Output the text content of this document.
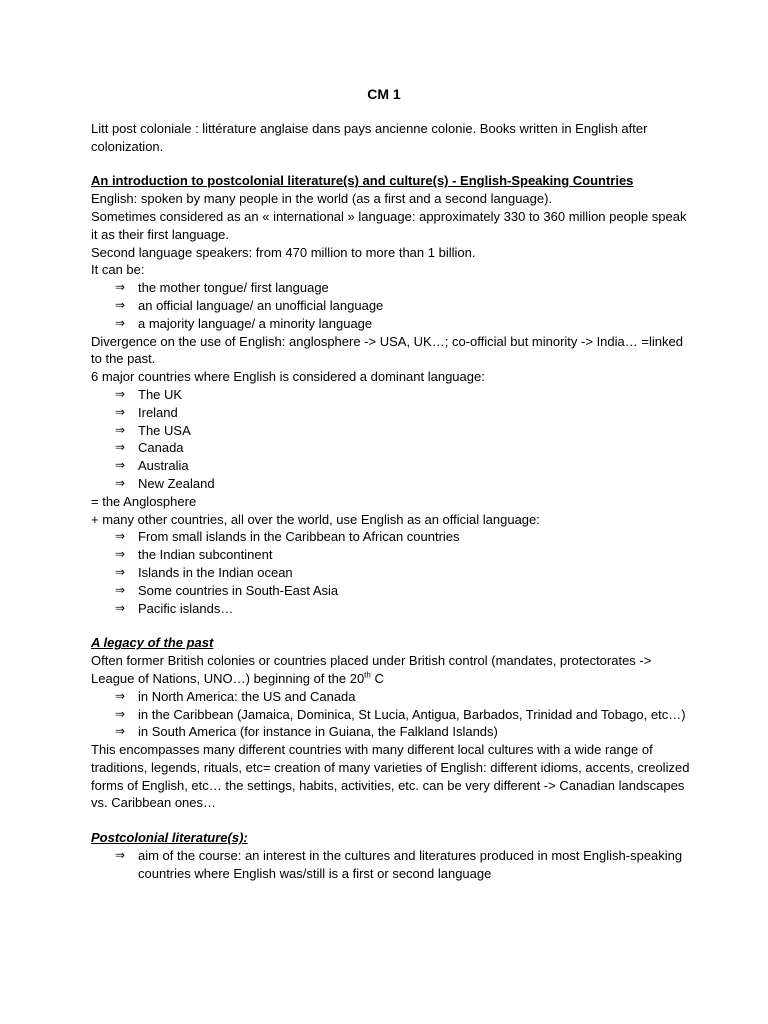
CM 1

Litt post coloniale : littérature anglaise dans pays ancienne colonie. Books written in English after colonization.

An introduction to postcolonial literature(s) and culture(s) - English-Speaking Countries

English: spoken by many people in the world (as a first and a second language).

Sometimes considered as an « international » language: approximately 330 to 360 million people speak it as their first language.

Second language speakers: from 470 million to more than 1 billion.

It can be:

⇒ the mother tongue/ first language
⇒ an official language/ an unofficial language
⇒ a majority language/ a minority language

Divergence on the use of English: anglosphere -> USA, UK…; co-official but minority -> India… =linked to the past.

6 major countries where English is considered a dominant language:

⇒ The UK
⇒ Ireland
⇒ The USA
⇒ Canada
⇒ Australia
⇒ New Zealand

= the Anglosphere

+ many other countries, all over the world, use English as an official language:

⇒ From small islands in the Caribbean to African countries
⇒ the Indian subcontinent
⇒ Islands in the Indian ocean
⇒ Some countries in South-East Asia
⇒ Pacific islands…

A legacy of the past

Often former British colonies or countries placed under British control (mandates, protectorates -> League of Nations, UNO…) beginning of the 20th C

⇒ in North America: the US and Canada
⇒ in the Caribbean (Jamaica, Dominica, St Lucia, Antigua, Barbados, Trinidad and Tobago, etc…)
⇒ in South America (for instance in Guiana, the Falkland Islands)

This encompasses many different countries with many different local cultures with a wide range of traditions, legends, rituals, etc= creation of many varieties of English: different idioms, accents, creolized forms of English, etc… the settings, habits, activities, etc. can be very different -> Canadian landscapes vs. Caribbean ones…

Postcolonial literature(s):

⇒ aim of the course: an interest in the cultures and literatures produced in most English-speaking countries where English was/still is a first or second language
